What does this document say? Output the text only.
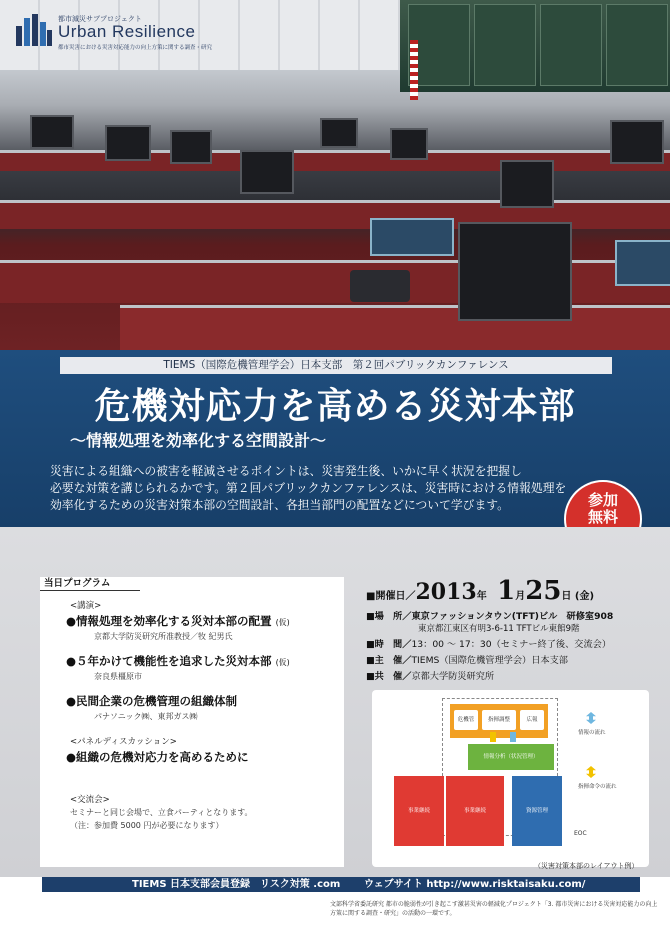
都市減災サブプロジェクト
Urban Resilience
都市災害における災害対応能力の向上方策に関する調査・研究
TIEMS（国際危機管理学会）日本支部　第２回パブリックカンファレンス
危機対応力を高める災対本部
～情報処理を効率化する空間設計～
災害による組織への被害を軽減させるポイントは、災害発生後、いかに早く状況を把握し
必要な対策を講じられるかです。第２回パブリックカンファレンスは、災害時における情報処理を
効率化するための災害対策本部の空間設計、各担当部門の配置などについて学びます。	参加
無料
当日プログラム
<講演>
●情報処理を効率化する災対本部の配置 (仮)
京都大学防災研究所准教授／牧 紀男氏
●５年かけて機能性を追求した災対本部 (仮)
奈良県橿原市
●民間企業の危機管理の組織体制
パナソニック㈱、東邦ガス㈱
<パネルディスカッション>
●組織の危機対応力を高めるために
<交流会>
セミナーと同じ会場で、立食パーティとなります。
（注：参加費 5000 円が必要になります）
■開催日／2013年 1月25日 (金)
■場　所／東京ファッションタウン(TFT)ビル　研修室908
東京都江東区有明3-6-11 TFTビル東館9階
■時　間／13：00 ～ 17：30（セミナー終了後、交流会）
■主　催／TIEMS（国際危機管理学会）日本支部
■共　催／京都大学防災研究所
危機管	指揮調整	広報
情報分析（状況管理）
事業継続	事業継続	資源管理
情報の流れ
指揮命令の流れ
EOC
（災害対策本部のレイアウト例）
TIEMS 日本支部会員登録　リスク対策 .com ウェブサイト http://www.risktaisaku.com/
文部科学省委託研究 都市の脆弱性が引き起こす激甚災害の軽減化プロジェクト「3. 都市災害における災害対応能力の向上方策に関する調査・研究」の活動の一環です。
